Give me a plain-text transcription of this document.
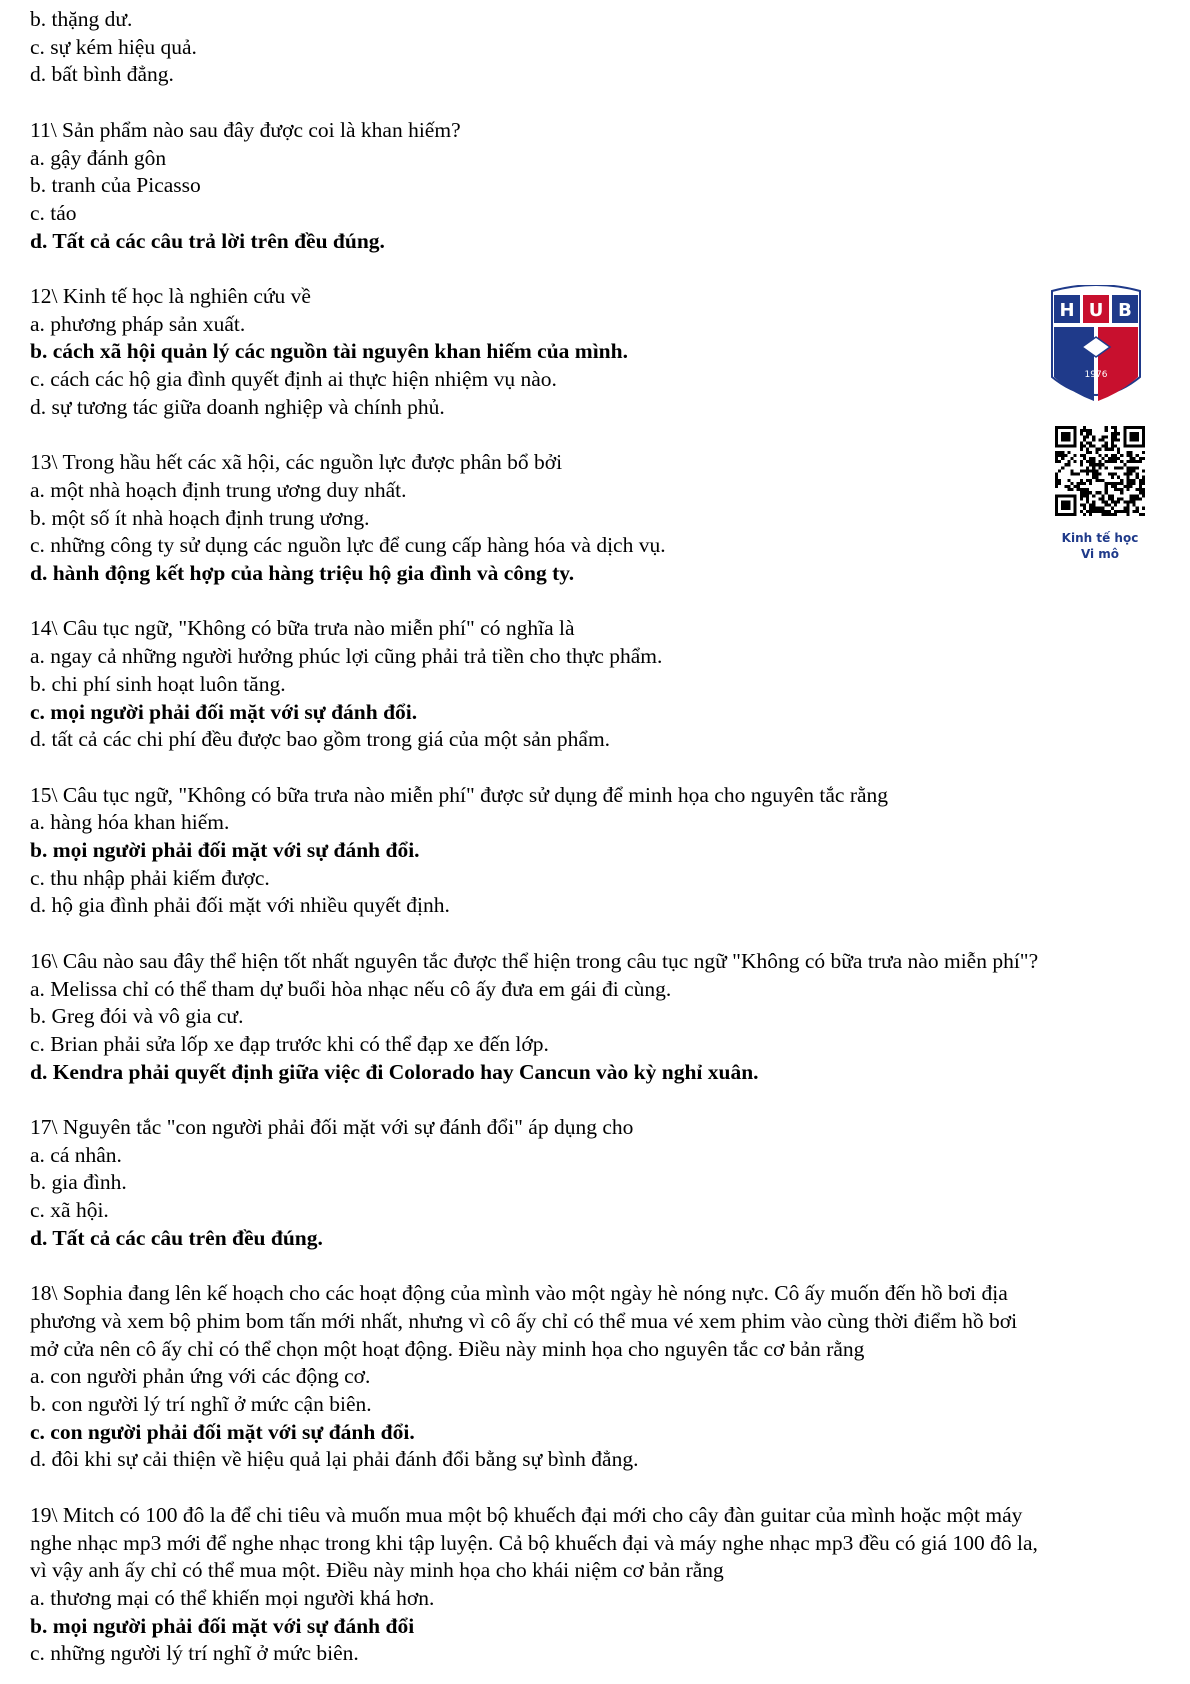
b. thặng dư.
c. sự kém hiệu quả.
d. bất bình đẳng.
11\ Sản phẩm nào sau đây được coi là khan hiếm?
a. gậy đánh gôn
b. tranh của Picasso
c. táo
d. Tất cả các câu trả lời trên đều đúng.
12\ Kinh tế học là nghiên cứu về
a. phương pháp sản xuất.
b. cách xã hội quản lý các nguồn tài nguyên khan hiếm của mình.
c. cách các hộ gia đình quyết định ai thực hiện nhiệm vụ nào.
d. sự tương tác giữa doanh nghiệp và chính phủ.
13\ Trong hầu hết các xã hội, các nguồn lực được phân bổ bởi
a. một nhà hoạch định trung ương duy nhất.
b. một số ít nhà hoạch định trung ương.
c. những công ty sử dụng các nguồn lực để cung cấp hàng hóa và dịch vụ.
d. hành động kết hợp của hàng triệu hộ gia đình và công ty.
14\ Câu tục ngữ, "Không có bữa trưa nào miễn phí" có nghĩa là
a. ngay cả những người hưởng phúc lợi cũng phải trả tiền cho thực phẩm.
b. chi phí sinh hoạt luôn tăng.
c. mọi người phải đối mặt với sự đánh đổi.
d. tất cả các chi phí đều được bao gồm trong giá của một sản phẩm.
15\ Câu tục ngữ, "Không có bữa trưa nào miễn phí" được sử dụng để minh họa cho nguyên tắc rằng
a. hàng hóa khan hiếm.
b. mọi người phải đối mặt với sự đánh đổi.
c. thu nhập phải kiếm được.
d. hộ gia đình phải đối mặt với nhiều quyết định.
16\ Câu nào sau đây thể hiện tốt nhất nguyên tắc được thể hiện trong câu tục ngữ "Không có bữa trưa nào miễn phí"?
a. Melissa chỉ có thể tham dự buổi hòa nhạc nếu cô ấy đưa em gái đi cùng.
b. Greg đói và vô gia cư.
c. Brian phải sửa lốp xe đạp trước khi có thể đạp xe đến lớp.
d. Kendra phải quyết định giữa việc đi Colorado hay Cancun vào kỳ nghỉ xuân.
17\ Nguyên tắc "con người phải đối mặt với sự đánh đổi" áp dụng cho
a. cá nhân.
b. gia đình.
c. xã hội.
d. Tất cả các câu trên đều đúng.
18\ Sophia đang lên kế hoạch cho các hoạt động của mình vào một ngày hè nóng nực. Cô ấy muốn đến hồ bơi địa
phương và xem bộ phim bom tấn mới nhất, nhưng vì cô ấy chỉ có thể mua vé xem phim vào cùng thời điểm hồ bơi
mở cửa nên cô ấy chỉ có thể chọn một hoạt động. Điều này minh họa cho nguyên tắc cơ bản rằng
a. con người phản ứng với các động cơ.
b. con người lý trí nghĩ ở mức cận biên.
c. con người phải đối mặt với sự đánh đổi.
d. đôi khi sự cải thiện về hiệu quả lại phải đánh đổi bằng sự bình đẳng.
19\ Mitch có 100 đô la để chi tiêu và muốn mua một bộ khuếch đại mới cho cây đàn guitar của mình hoặc một máy
nghe nhạc mp3 mới để nghe nhạc trong khi tập luyện. Cả bộ khuếch đại và máy nghe nhạc mp3 đều có giá 100 đô la,
vì vậy anh ấy chỉ có thể mua một. Điều này minh họa cho khái niệm cơ bản rằng
a. thương mại có thể khiến mọi người khá hơn.
b. mọi người phải đối mặt với sự đánh đổi
c. những người lý trí nghĩ ở mức biên.
H U B
1976
Kinh tế học
Vi mô
